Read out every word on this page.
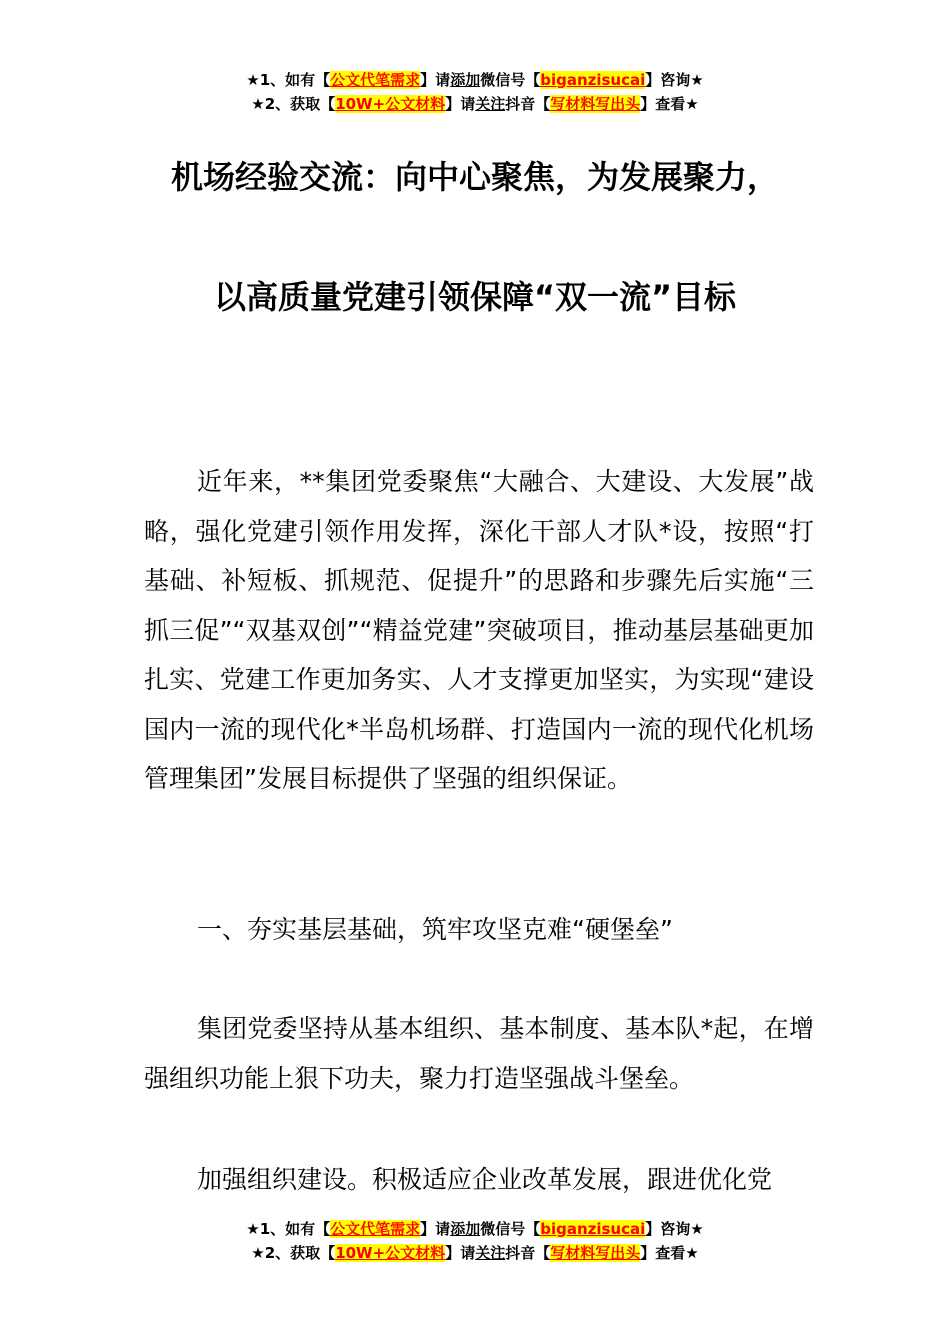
★1、如有【公文代笔需求】请添加微信号【biganzisucai】咨询★
★2、获取【10W+公文材料】请关注抖音【写材料写出头】查看★
机场经验交流：向中心聚焦，为发展聚力，
以高质量党建引领保障“双一流”目标
近年来，**集团党委聚焦“大融合、大建设、大发展”战略，强化党建引领作用发挥，深化干部人才队*设，按照“打基础、补短板、抓规范、促提升”的思路和步骤先后实施“三抓三促”“双基双创”“精益党建”突破项目，推动基层基础更加扎实、党建工作更加务实、人才支撑更加坚实，为实现“建设国内一流的现代化*半岛机场群、打造国内一流的现代化机场管理集团”发展目标提供了坚强的组织保证。
一、夯实基层基础，筑牢攻坚克难“硬堡垒”
集团党委坚持从基本组织、基本制度、基本队*起，在增强组织功能上狠下功夫，聚力打造坚强战斗堡垒。
加强组织建设。积极适应企业改革发展，跟进优化党
★1、如有【公文代笔需求】请添加微信号【biganzisucai】咨询★
★2、获取【10W+公文材料】请关注抖音【写材料写出头】查看★
